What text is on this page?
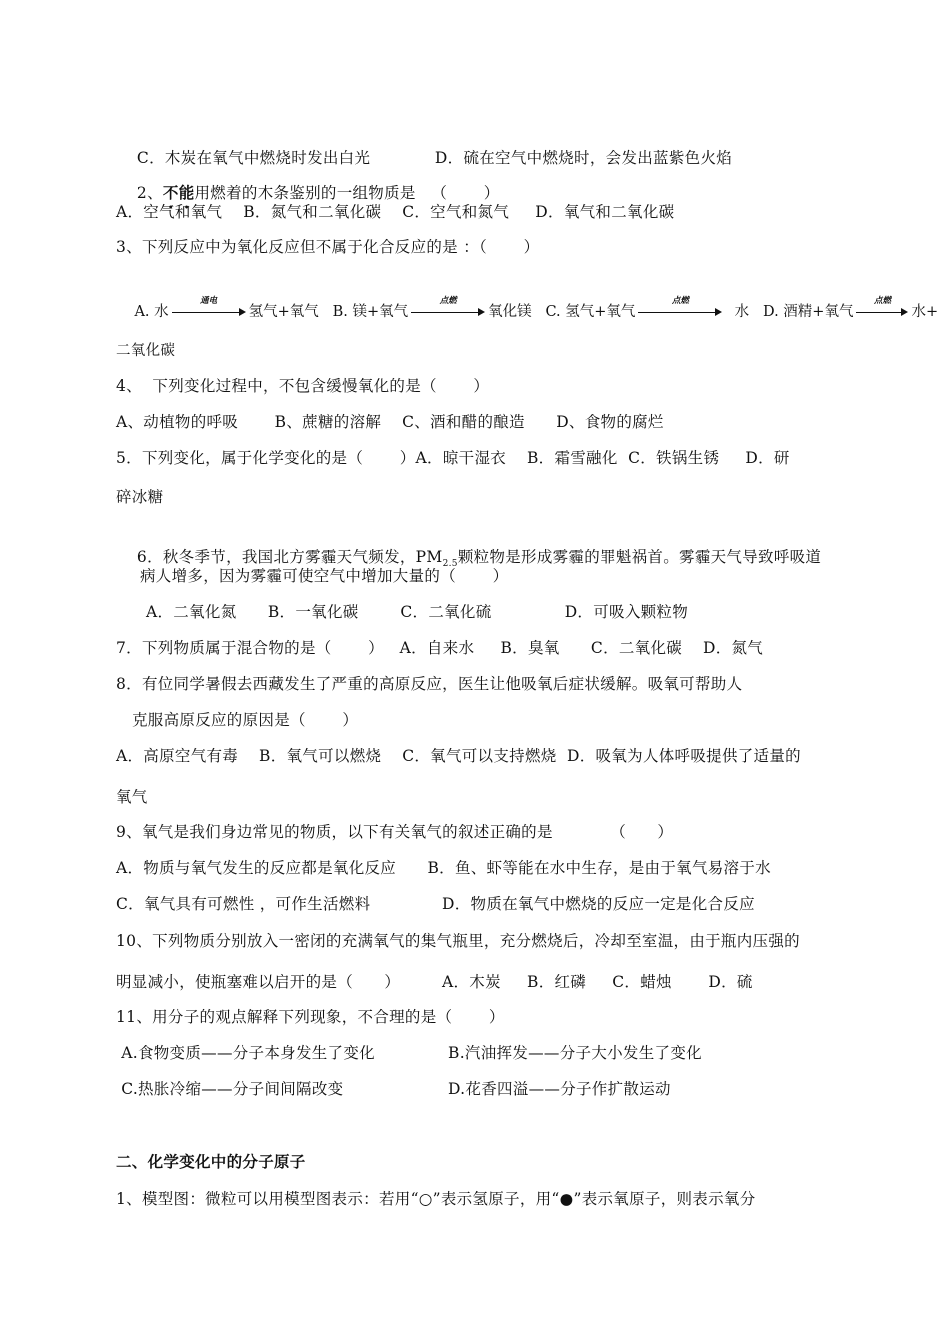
C．木炭在氧气中燃烧时发出白光
	D．硫在空气中燃烧时，会发出蓝紫色火焰

2、不能用燃着的木条鉴别的一组物质是   （       ）

A．空气和氧气    B．氮气和二氧化碳    C．空气和氮气     D．氧气和二氧化碳
3、下列反应中为氧化反应但不属于化合反应的是 ：（       ）

A. 水
通电
氢气+氧气   B. 镁+氧气
点燃
氧化镁   C. 氢气+氧气
点燃
水   D. 酒精+氧气
点燃
水+

二氧化碳
4、  下列变化过程中，不包含缓慢氧化的是（       ）
A、动植物的呼吸       B、蔗糖的溶解    C、酒和醋的酿造      D、食物的腐烂
5．下列变化，属于化学变化的是（       ）A．晾干湿衣    B．霜雪融化  C．铁锅生锈     D．研
碎冰糖

6．秋冬季节，我国北方雾霾天气频发，$PM_{2.5}$颗粒物是形成雾霾的罪魁祸首。雾霾天气导致呼吸道

病人增多，因为雾霾可使空气中增加大量的（       ）
A．二氧化氮      B．一氧化碳        C．二氧化硫              D．可吸入颗粒物
7．下列物质属于混合物的是（       ）   A．自来水     B．臭氧      C．二氧化碳    D．氮气
8．有位同学暑假去西藏发生了严重的高原反应，医生让他吸氧后症状缓解。吸氧可帮助人
克服高原反应的原因是（       ）
A．高原空气有毒    B．氧气可以燃烧    C．氧气可以支持燃烧  D．吸氧为人体呼吸提供了适量的
氧气
9、氧气是我们身边常见的物质，以下有关氧气的叙述正确的是           （      ）
A．物质与氧气发生的反应都是氧化反应      B．鱼、虾等能在水中生存，是由于氧气易溶于水
C．氧气具有可燃性 ，可作生活燃料	D．物质在氧气中燃烧的反应一定是化合反应
10、下列物质分别放入一密闭的充满氧气的集气瓶里，充分燃烧后，冷却至室温，由于瓶内压强的
明显减小，使瓶塞难以启开的是（      ）        A．木炭     B．红磷     C．蜡烛       D．硫
11、用分子的观点解释下列现象，不合理的是（       ）
A.食物变质——分子本身发生了变化	B.汽油挥发——分子大小发生了变化
C.热胀冷缩——分子间间隔改变	D.花香四溢——分子作扩散运动
二、化学变化中的分子原子
1、模型图：微粒可以用模型图表示：若用“○”表示氢原子，用“●”表示氧原子，则表示氧分
